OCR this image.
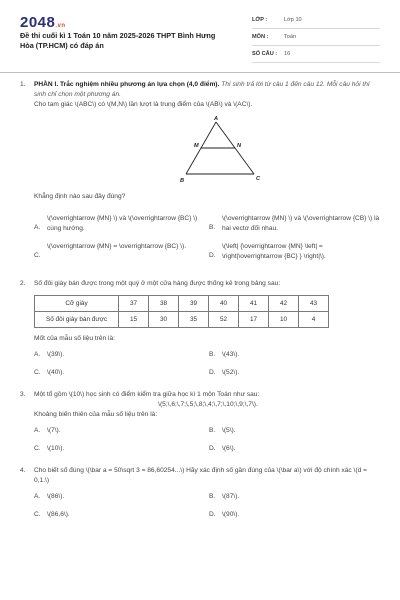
2048.vn
Đề thi cuối kì 1 Toán 10 năm 2025-2026 THPT Bình Hưng Hòa (TP.HCM) có đáp án
LỚP :	Lớp 10
MÔN :	Toán
SỐ CÂU :	16
1. PHẦN I. Trắc nghiệm nhiều phương án lựa chọn (4,0 điểm). Thí sinh trả lời từ câu 1 đến câu 12. Mỗi câu hỏi thí sinh chỉ chọn một phương án.
Cho tam giác \(ABC\) có \(M,N\) lần lượt là trung điểm của \(AB\) và \(AC\).
A
M	N
B	C
Khẳng định nào sau đây đúng?
A.
\(\overrightarrow {MN} \) và \(\overrightarrow {BC} \) cùng hướng.	B.
\(\overrightarrow {MN} \) và \(\overrightarrow {CB} \) là hai vectơ đối nhau.
C.
\(\overrightarrow {MN} = \overrightarrow {BC} \).
D.
\(\left| {\overrightarrow {MN} \left| = \right|\overrightarrow {BC} } \right|\).
2. Số đôi giày bán được trong một quý ở một cửa hàng được thống kê trong bảng sau:
Cỡ giày	37	38	39	40	41	42	43
Số đôi giày bán được	15	30	35	52	17	10	4
Mốt của mẫu số liệu trên là:
A.	\(39\).	B.	\(43\).
C. \(40\).	D. \(52\).
3. Một tổ gồm \(10\) học sinh có điểm kiểm tra giữa học kì 1 môn Toán như sau:
\(5;\,6;\,7;\,5;\,8;\,4;\,7;\,10;\,9;\,7\).
Khoảng biến thiên của mẫu số liệu trên là:
A.	\(7\).	B.	\(5\).
C. \(10\).	D. \(6\).
4. Cho biết số đúng \(\bar a = 50\sqrt 3 = 86,60254...\) Hãy xác định số gần đúng của \(\bar a\) với độ chính xác \(d = 0,1.\)
A.	\(86\).	B.	\(87\).
C. \(86,6\).	D. \(90\).
